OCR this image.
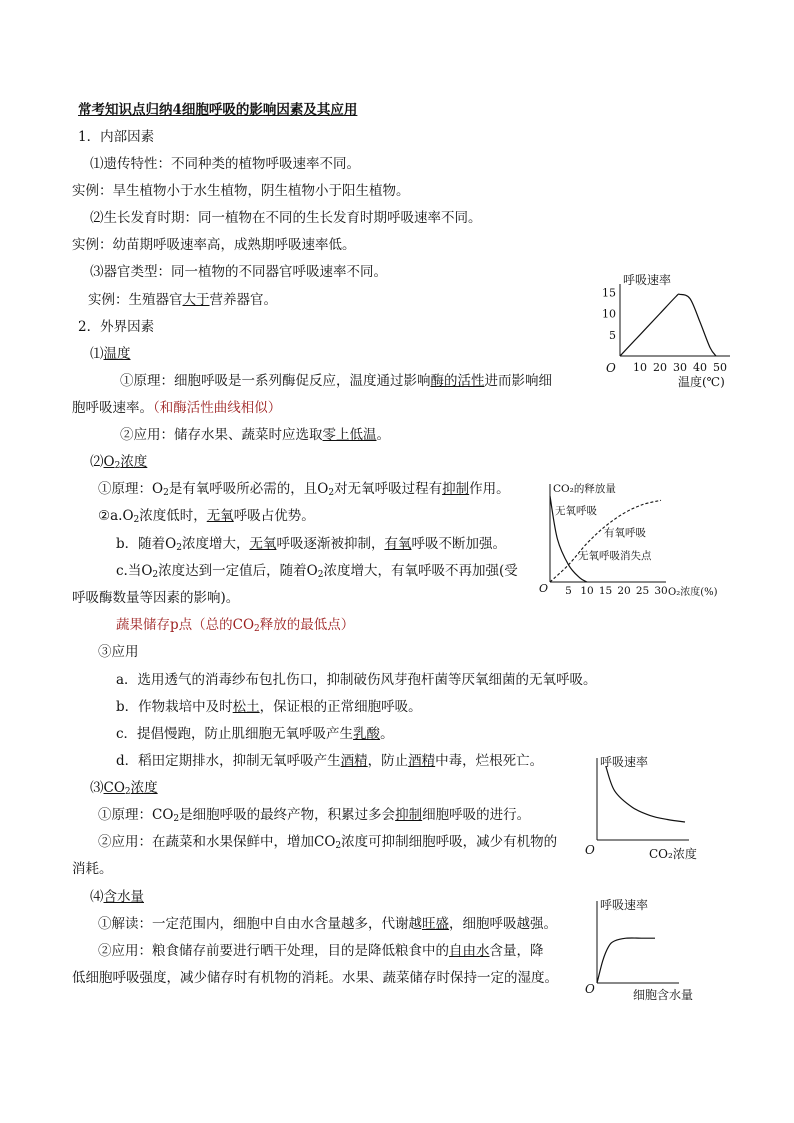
常考知识点归纳4细胞呼吸的影响因素及其应用
1．内部因素
⑴遗传特性：不同种类的植物呼吸速率不同。
实例：旱生植物小于水生植物，阴生植物小于阳生植物。
⑵生长发育时期：同一植物在不同的生长发育时期呼吸速率不同。
实例：幼苗期呼吸速率高，成熟期呼吸速率低。
⑶器官类型：同一植物的不同器官呼吸速率不同。
实例：生殖器官大于营养器官。
2．外界因素
⑴温度
①原理：细胞呼吸是一系列酶促反应，温度通过影响酶的活性进而影响细
胞呼吸速率。（和酶活性曲线相似）
②应用：储存水果、蔬菜时应选取零上低温。
$⑵O_2$浓度
①原理：$O_2$是有氧呼吸所必需的，且$O_2$对无氧呼吸过程有抑制作用。
$②a.O_2$浓度低时，无氧呼吸占优势。
b．随着$O_2$浓度增大，无氧呼吸逐渐被抑制，有氧呼吸不断加强。
c.当$O_2$浓度达到一定值后，随着$O_2$浓度增大，有氧呼吸不再加强(受
呼吸酶数量等因素的影响)。
蔬果储存p点（总的$CO_2$释放的最低点）
③应用
a．选用透气的消毒纱布包扎伤口，抑制破伤风芽孢杆菌等厌氧细菌的无氧呼吸。
b．作物栽培中及时松土，保证根的正常细胞呼吸。
c．提倡慢跑，防止肌细胞无氧呼吸产生乳酸。
d．稻田定期排水，抑制无氧呼吸产生酒精，防止酒精中毒，烂根死亡。
$⑶CO_2$浓度
①原理：$CO_2$是细胞呼吸的最终产物，积累过多会抑制细胞呼吸的进行。
②应用：在蔬菜和水果保鲜中，增加$CO_2$浓度可抑制细胞呼吸，减少有机物的
消耗。
⑷含水量
①解读：一定范围内，细胞中自由水含量越多，代谢越旺盛，细胞呼吸越强。
②应用：粮食储存前要进行晒干处理，目的是降低粮食中的自由水含量，降
低细胞呼吸强度，减少储存时有机物的消耗。水果、蔬菜储存时保持一定的湿度。
呼吸速率
温度(℃)
O 10 20 30 40 50
5
10
15
CO₂的释放量
O₂浓度(%)
O 5 10 15 20 25 30
无氧呼吸
有氧呼吸
无氧呼吸消失点
呼吸速率
CO₂浓度
O
呼吸速率
细胞含水量
O
